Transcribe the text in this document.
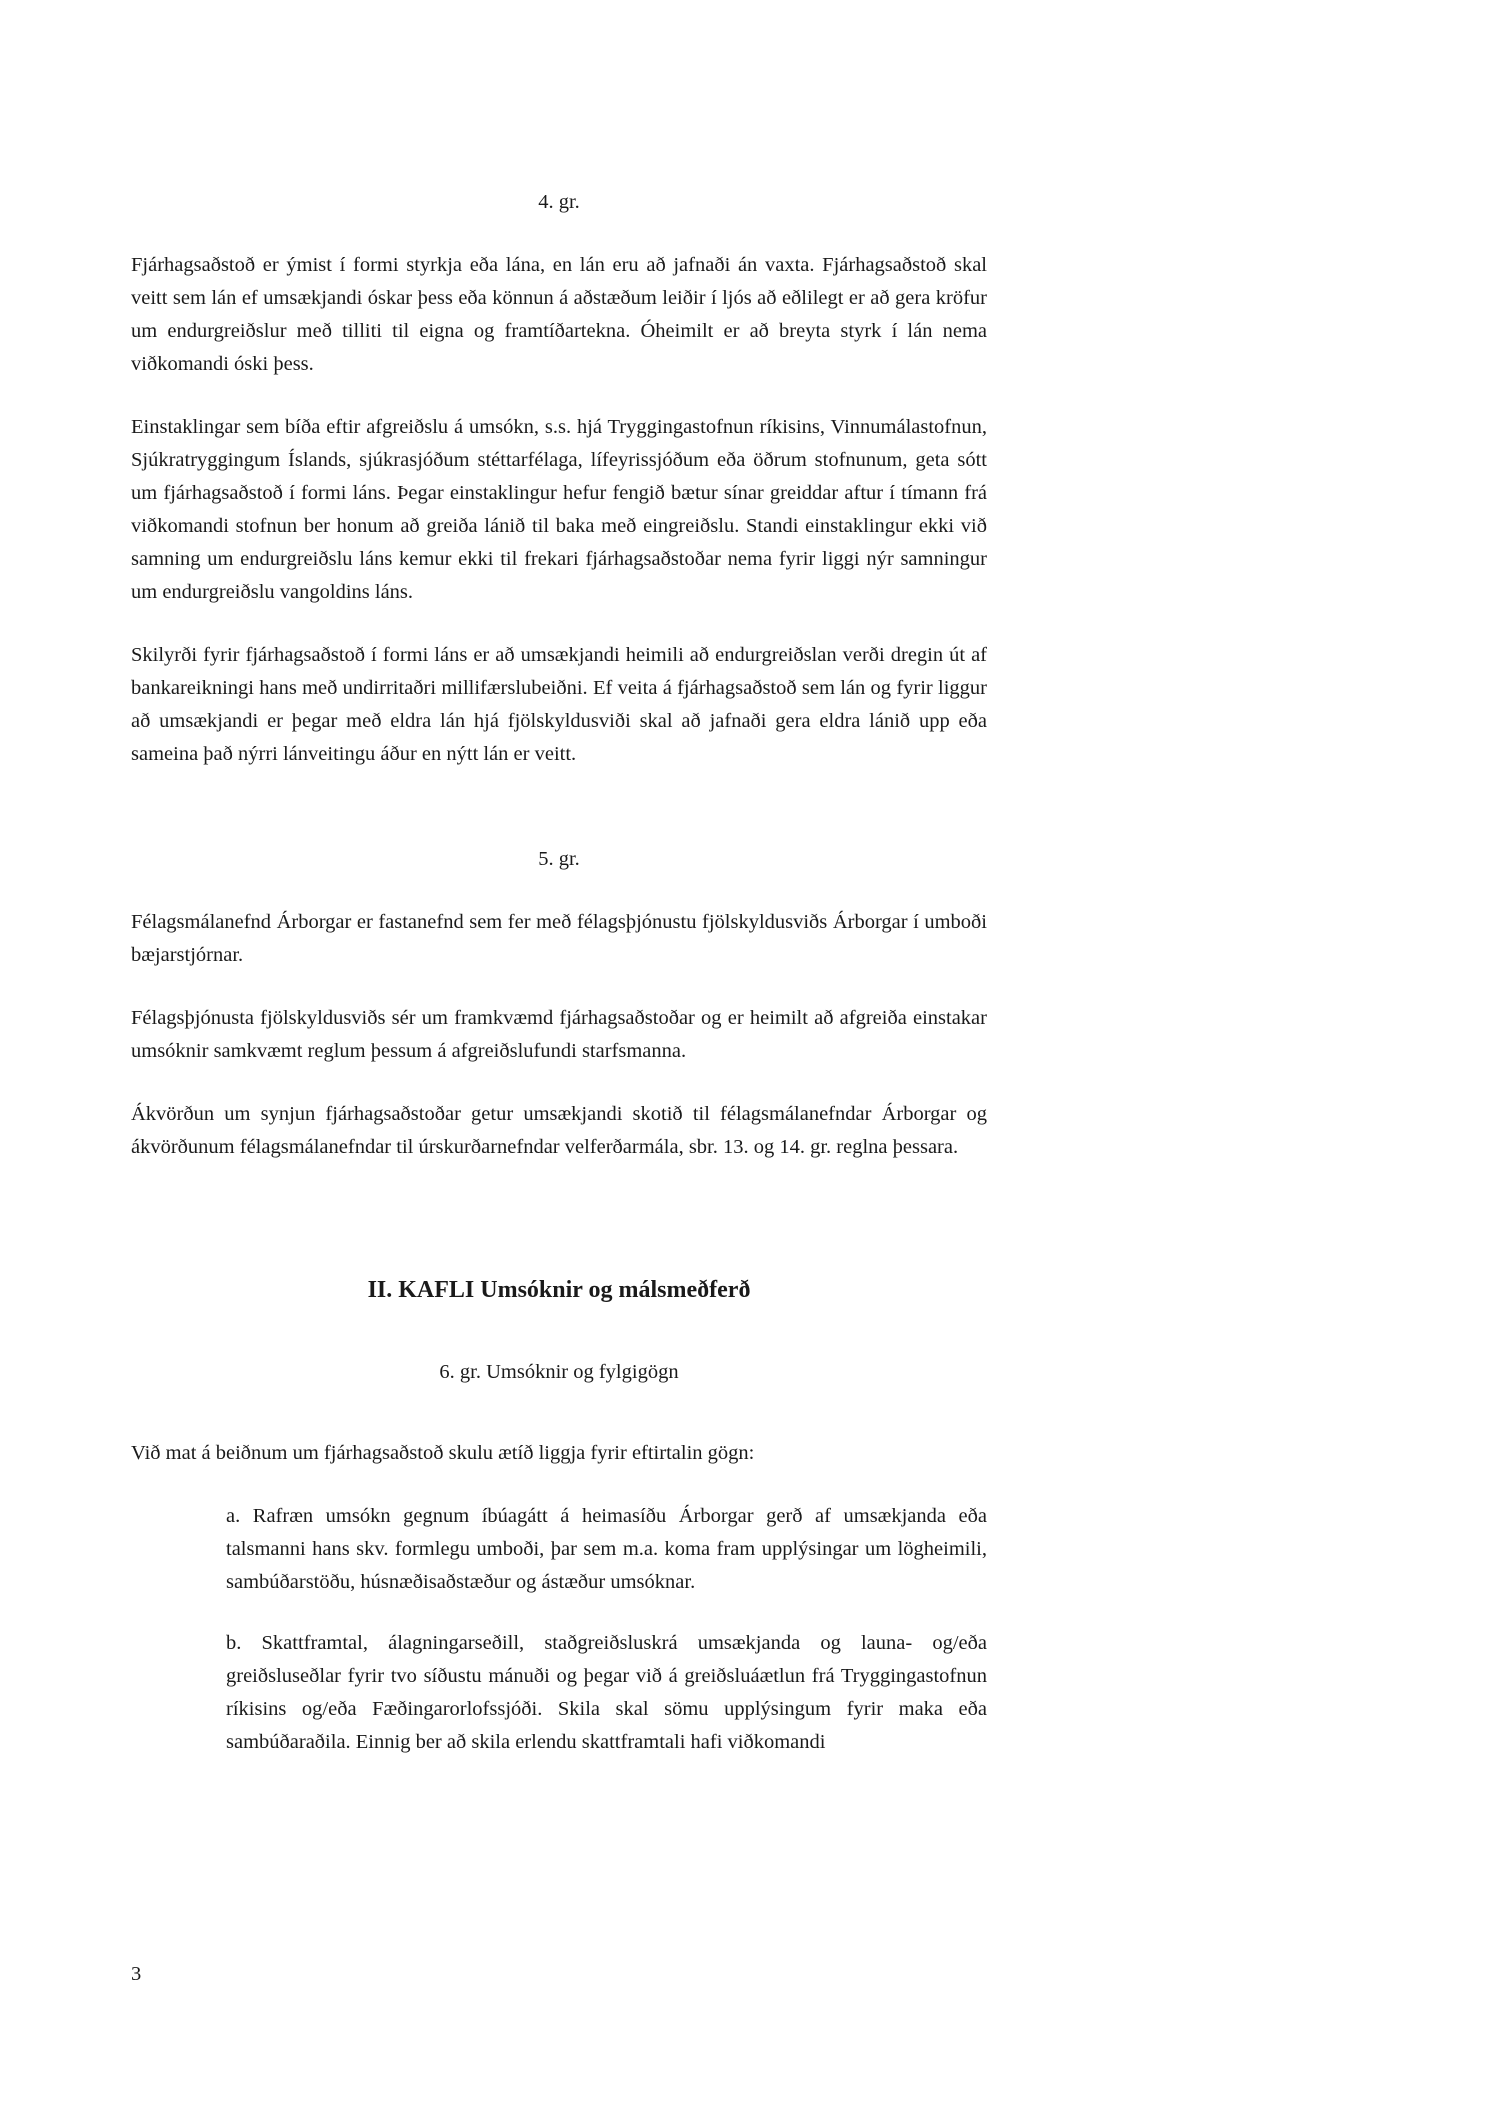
4. gr.
Fjárhagsaðstoð er ýmist í formi styrkja eða lána, en lán eru að jafnaði án vaxta. Fjárhagsaðstoð skal veitt sem lán ef umsækjandi óskar þess eða könnun á aðstæðum leiðir í ljós að eðlilegt er að gera kröfur um endurgreiðslur með tilliti til eigna og framtíðartekna. Óheimilt er að breyta styrk í lán nema viðkomandi óski þess.
Einstaklingar sem bíða eftir afgreiðslu á umsókn, s.s. hjá Tryggingastofnun ríkisins, Vinnumálastofnun, Sjúkratryggingum Íslands, sjúkrasjóðum stéttarfélaga, lífeyrissjóðum eða öðrum stofnunum, geta sótt um fjárhagsaðstoð í formi láns. Þegar einstaklingur hefur fengið bætur sínar greiddar aftur í tímann frá viðkomandi stofnun ber honum að greiða lánið til baka með eingreiðslu. Standi einstaklingur ekki við samning um endurgreiðslu láns kemur ekki til frekari fjárhagsaðstoðar nema fyrir liggi nýr samningur um endurgreiðslu vangoldins láns.
Skilyrði fyrir fjárhagsaðstoð í formi láns er að umsækjandi heimili að endurgreiðslan verði dregin út af bankareikningi hans með undirritaðri millifærslubeiðni. Ef veita á fjárhagsaðstoð sem lán og fyrir liggur að umsækjandi er þegar með eldra lán hjá fjölskyldusviði skal að jafnaði gera eldra lánið upp eða sameina það nýrri lánveitingu áður en nýtt lán er veitt.
5. gr.
Félagsmálanefnd Árborgar er fastanefnd sem fer með félagsþjónustu fjölskyldusviðs Árborgar í umboði bæjarstjórnar.
Félagsþjónusta fjölskyldusviðs sér um framkvæmd fjárhagsaðstoðar og er heimilt að afgreiða einstakar umsóknir samkvæmt reglum þessum á afgreiðslufundi starfsmanna.
Ákvörðun um synjun fjárhagsaðstoðar getur umsækjandi skotið til félagsmálanefndar Árborgar og ákvörðunum félagsmálanefndar til úrskurðarnefndar velferðarmála, sbr. 13. og 14. gr. reglna þessara.
II. KAFLI Umsóknir og málsmeðferð
6. gr. Umsóknir og fylgigögn
Við mat á beiðnum um fjárhagsaðstoð skulu ætíð liggja fyrir eftirtalin gögn:
a. Rafræn umsókn gegnum íbúagátt á heimasíðu Árborgar gerð af umsækjanda eða talsmanni hans skv. formlegu umboði, þar sem m.a. koma fram upplýsingar um lögheimili, sambúðarstöðu, húsnæðisaðstæður og ástæður umsóknar.
b. Skattframtal, álagningarseðill, staðgreiðsluskrá umsækjanda og launa- og/eða greiðsluseðlar fyrir tvo síðustu mánuði og þegar við á greiðsluáætlun frá Tryggingastofnun ríkisins og/eða Fæðingarorlofssjóði. Skila skal sömu upplýsingum fyrir maka eða sambúðaraðila. Einnig ber að skila erlendu skattframtali hafi viðkomandi
3
